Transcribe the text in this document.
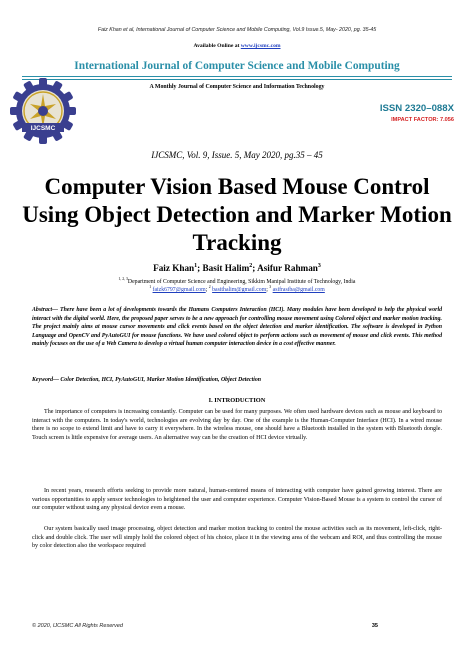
Faiz Khan et al, International Journal of Computer Science and Mobile Computing, Vol.9 Issue.5, May- 2020, pg. 35-45
Available Online at www.ijcsmc.com
International Journal of Computer Science and Mobile Computing
A Monthly Journal of Computer Science and Information Technology
IJCSMC
ISSN 2320–088X
IMPACT FACTOR: 7.056
IJCSMC, Vol. 9, Issue. 5, May 2020, pg.35 – 45
Computer Vision Based Mouse Control Using Object Detection and Marker Motion Tracking
Faiz Khan$^1$; Basit Halim$^2$; Asifur Rahman$^3$
$^{1, 2, 3}$Department of Computer Science and Engineering, Sikkim Manipal Institute of Technology, India
$^1$ faizk6797@gmail.com; $^2$ basithalim@gmail.com; $^3$ asifrasiba@gmail.com
Abstract— There have been a lot of developments towards the Humans Computers Interaction (HCI). Many modules have been developed to help the physical world interact with the digital world. Here, the proposed paper serves to be a new approach for controlling mouse movement using Colored object and marker motion tracking. The project mainly aims at mouse cursor movements and click events based on the object detection and marker identification. The software is developed in Python Language and OpenCV and PyAutoGUI for mouse functions. We have used colored object to perform actions such as movement of mouse and click events. This method mainly focuses on the use of a Web Camera to develop a virtual human computer interaction device in a cost effective manner.
Keyword— Color Detection, HCI, PyAutoGUI, Marker Motion Identification, Object Detection
I. INTRODUCTION
The importance of computers is increasing constantly. Computer can be used for many purposes. We often used hardware devices such as mouse and keyboard to interact with the computers. In today's world, technologies are evolving day by day. One of the example is the Human-Computer Interface (HCI). In a wired mouse there is no scope to extend limit and have to carry it everywhere. In the wireless mouse, one should have a Bluetooth installed in the system with Bluetooth dongle. Touch screen is little expensive for average users. An alternative way can be the creation of HCI device virtually.
In recent years, research efforts seeking to provide more natural, human-centered means of interacting with computer have gained growing interest. There are various opportunities to apply sensor technologies to heightened the user and computer experience. Computer Vision-Based Mouse is a system to control the cursor of our computer without using any physical device even a mouse.
Our system basically used image processing, object detection and marker motion tracking to control the mouse activities such as its movement, left-click, right-click and double click. The user will simply hold the colored object of his choice, place it in the viewing area of the webcam and ROI, and thus controlling the mouse by color detection also the workspace required
© 2020, IJCSMC All Rights Reserved	35
